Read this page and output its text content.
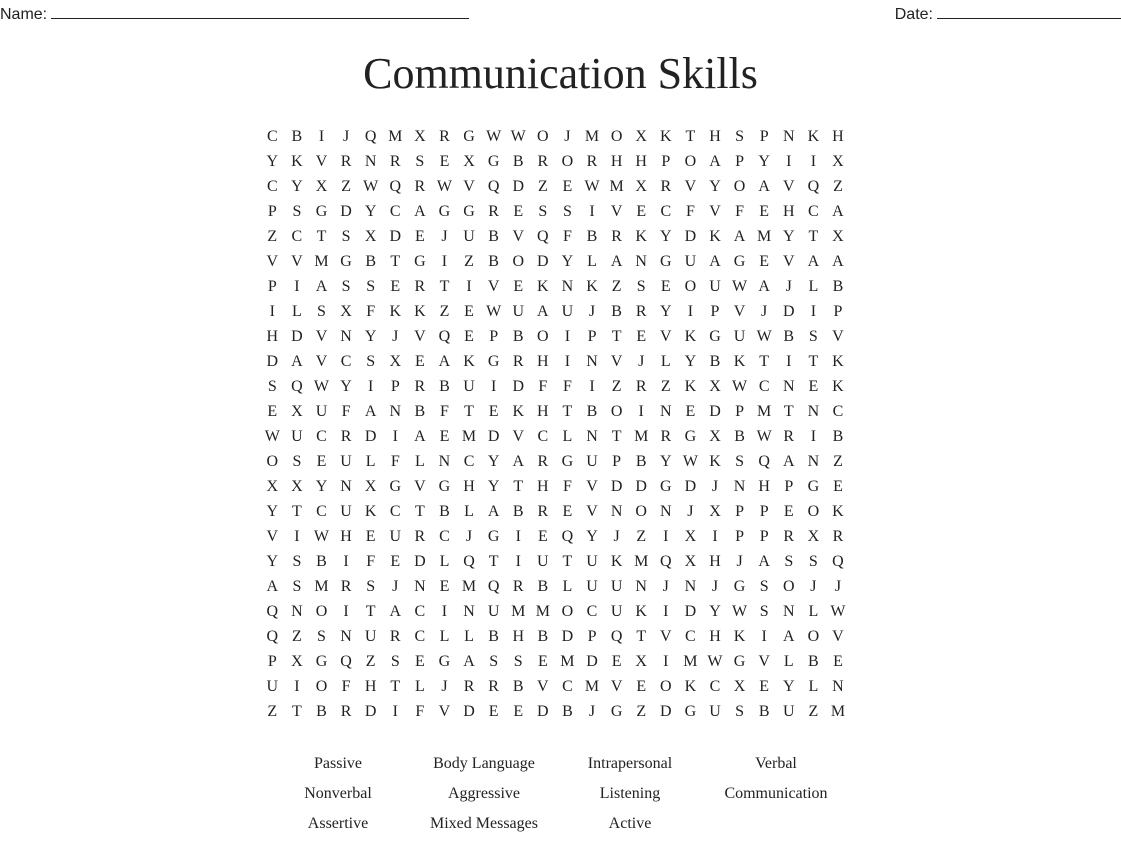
Name:	Date:
Communication Skills
C B	I	J Q M X R G W W O J M O X K T H S P N K H
Y K V R N R S E X G B R O R H H P O A P Y	I	I	X
C Y X Z W Q R W V Q D Z E W M X R V Y O A V Q Z
P S G D Y C A G G R E S S	I	V E C F V F E H C A
Z C T S X D E	J U B V Q F B R K Y D K A M Y T X
V V M G B T G	I	Z B O D Y L A N G U A G E V A A
P	I	A S S E R T	I	V E K N K Z S E O U W A J	L B
I	L S X F K K Z E W U A U J	B R Y	I	P V J D	I	P
H D V N Y J V Q E P B O	I	P T E V K G U W B S V
D A V C S X E A K G R H	I	N V J	L Y B K T	I	T K
S Q W Y	I	P R B U	I	D F F	I	Z R Z K X W C N E K
E X U F A N B F T E K H T B O	I	N E D P M T N C
W U C R D	I	A E M D V C L N T M R G X B W R	I	B
O S E U L F L N C Y A R G U P B Y W K S Q A N Z
X X Y N X G V G H Y T H F V D D G D J N H P G E
Y T C U K C T B L A B R E V N O N J X P P E O K
V	I W H E U R C	J G	I	E Q Y J	Z	I	X	I	P P R X R
Y S B	I	F E D L Q T	I	U T U K M Q X H J A S S Q
A S M R S	J N E M Q R B L U U N J N J G S O J	J
Q N O	I	T A C	I	N U M M O C U K	I	D Y W S N L W
Q Z S N U R C L L B H B D P Q T V C H K	I	A O V
P X G Q Z S E G A S S E M D E X	I M W G V L B E
U	I	O F H T L	J	R R B V C M V E O K C X E Y L N
Z T B R D	I	F V D E E D B	J G Z D G U S B U Z M
Passive	Body Language	Intrapersonal	Verbal
Nonverbal	Aggressive	Listening	Communication
Assertive	Mixed Messages	Active
